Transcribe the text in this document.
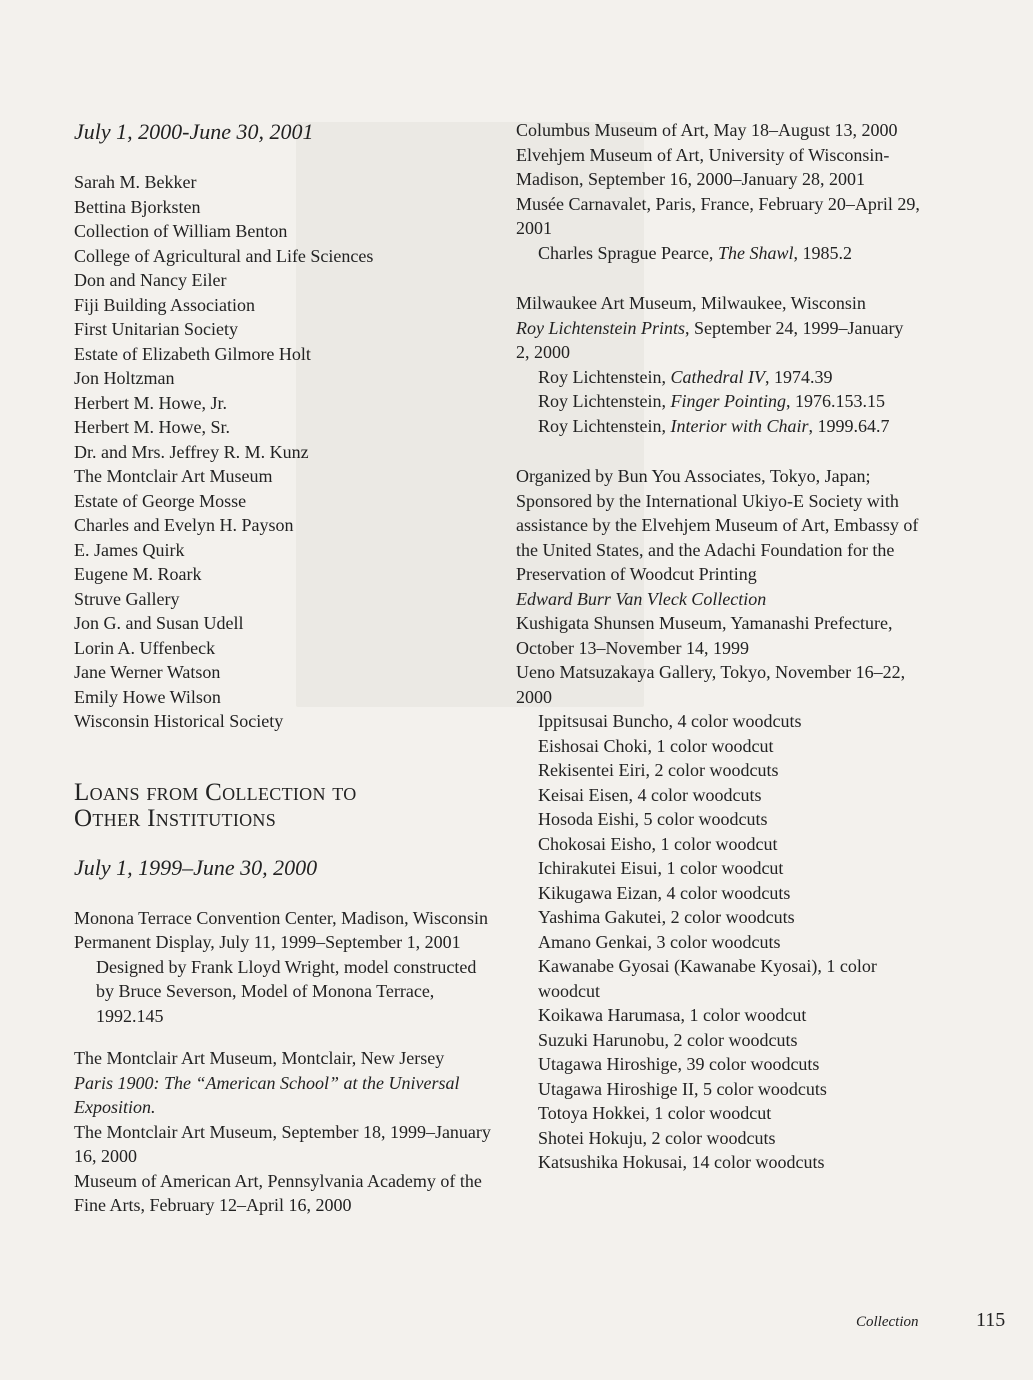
July 1, 2000-June 30, 2001
Sarah M. Bekker
Bettina Bjorksten
Collection of William Benton
College of Agricultural and Life Sciences
Don and Nancy Eiler
Fiji Building Association
First Unitarian Society
Estate of Elizabeth Gilmore Holt
Jon Holtzman
Herbert M. Howe, Jr.
Herbert M. Howe, Sr.
Dr. and Mrs. Jeffrey R. M. Kunz
The Montclair Art Museum
Estate of George Mosse
Charles and Evelyn H. Payson
E. James Quirk
Eugene M. Roark
Struve Gallery
Jon G. and Susan Udell
Lorin A. Uffenbeck
Jane Werner Watson
Emily Howe Wilson
Wisconsin Historical Society
Loans from Collection to
Other Institutions
July 1, 1999–June 30, 2000
Monona Terrace Convention Center, Madison, Wisconsin
Permanent Display, July 11, 1999–September 1, 2001
Designed by Frank Lloyd Wright, model constructed by Bruce Severson, Model of Monona Terrace, 1992.145
The Montclair Art Museum, Montclair, New Jersey
Paris 1900: The “American School” at the Universal Exposition.
The Montclair Art Museum, September 18, 1999–January 16, 2000
Museum of American Art, Pennsylvania Academy of the Fine Arts, February 12–April 16, 2000
Columbus Museum of Art, May 18–August 13, 2000
Elvehjem Museum of Art, University of Wisconsin-Madison, September 16, 2000–January 28, 2001
Musée Carnavalet, Paris, France, February 20–April 29, 2001
Charles Sprague Pearce, The Shawl, 1985.2
Milwaukee Art Museum, Milwaukee, Wisconsin
Roy Lichtenstein Prints, September 24, 1999–January 2, 2000
Roy Lichtenstein, Cathedral IV, 1974.39
Roy Lichtenstein, Finger Pointing, 1976.153.15
Roy Lichtenstein, Interior with Chair, 1999.64.7
Organized by Bun You Associates, Tokyo, Japan; Sponsored by the International Ukiyo-E Society with assistance by the Elvehjem Museum of Art, Embassy of the United States, and the Adachi Foundation for the Preservation of Woodcut Printing
Edward Burr Van Vleck Collection
Kushigata Shunsen Museum, Yamanashi Prefecture, October 13–November 14, 1999
Ueno Matsuzakaya Gallery, Tokyo, November 16–22, 2000
Ippitsusai Buncho, 4 color woodcuts
Eishosai Choki, 1 color woodcut
Rekisentei Eiri, 2 color woodcuts
Keisai Eisen, 4 color woodcuts
Hosoda Eishi, 5 color woodcuts
Chokosai Eisho, 1 color woodcut
Ichirakutei Eisui, 1 color woodcut
Kikugawa Eizan, 4 color woodcuts
Yashima Gakutei, 2 color woodcuts
Amano Genkai, 3 color woodcuts
Kawanabe Gyosai (Kawanabe Kyosai), 1 color woodcut
Koikawa Harumasa, 1 color woodcut
Suzuki Harunobu, 2 color woodcuts
Utagawa Hiroshige, 39 color woodcuts
Utagawa Hiroshige II, 5 color woodcuts
Totoya Hokkei, 1 color woodcut
Shotei Hokuju, 2 color woodcuts
Katsushika Hokusai, 14 color woodcuts
Collection	115
